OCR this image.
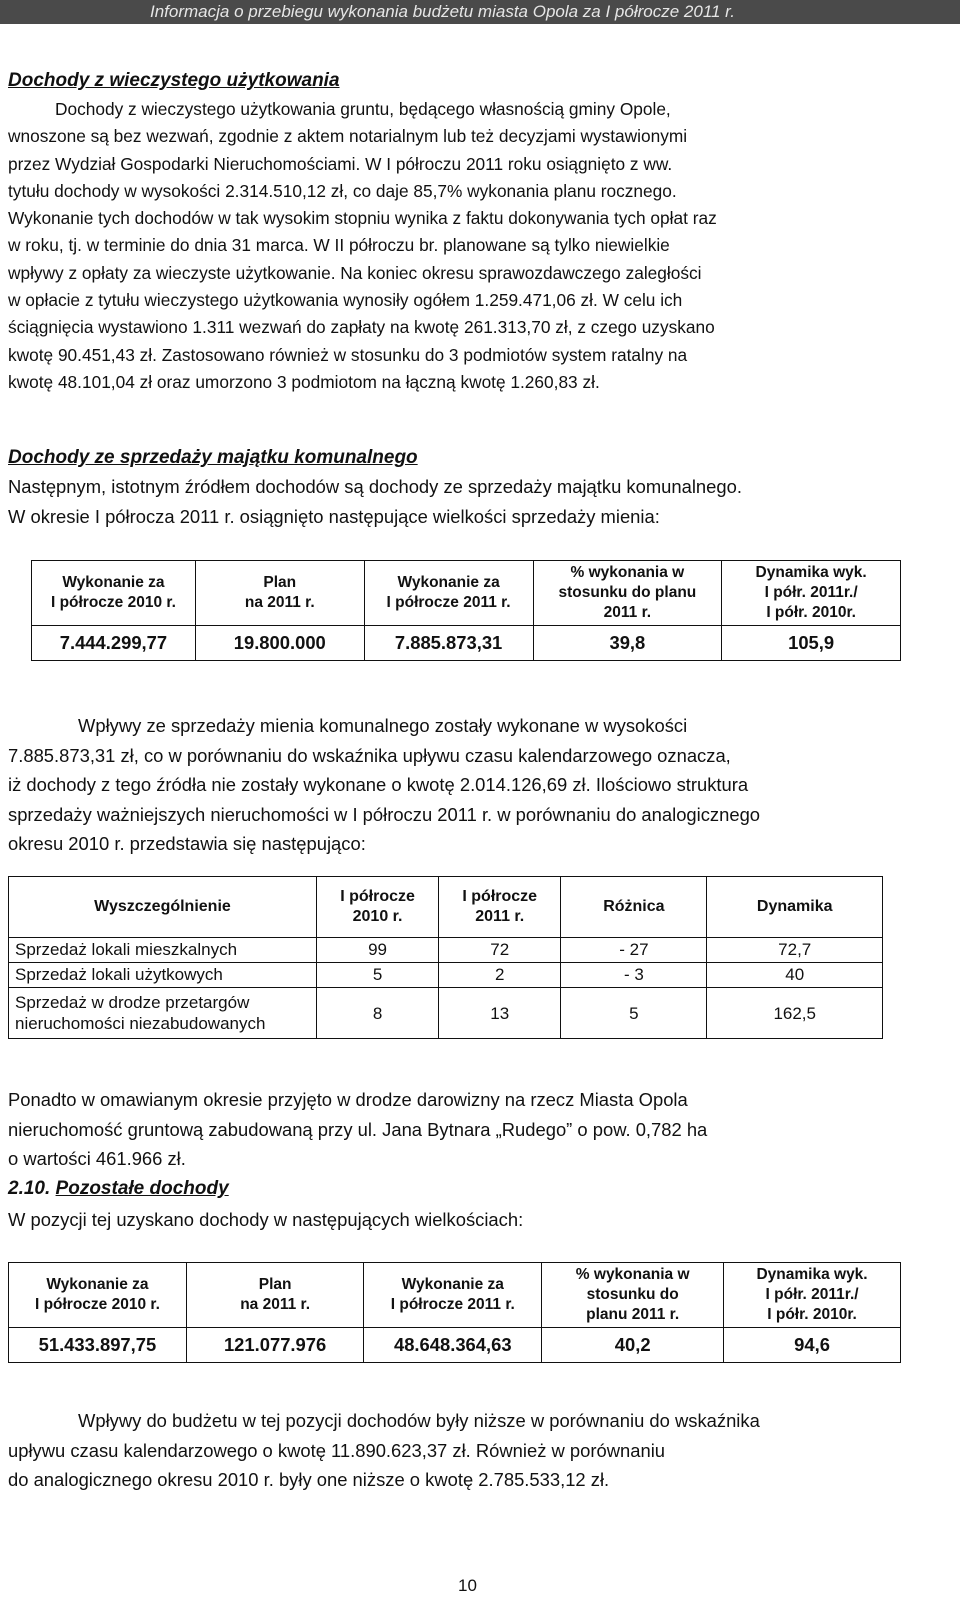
Informacja o przebiegu wykonania budżetu miasta Opola za I półrocze 2011 r.
Dochody z wieczystego użytkowania
Dochody z wieczystego użytkowania gruntu, będącego własnością gminy Opole,
wnoszone są bez wezwań, zgodnie z aktem notarialnym lub też decyzjami wystawionymi
przez Wydział Gospodarki Nieruchomościami. W I półroczu 2011 roku osiągnięto z ww.
tytułu dochody w wysokości 2.314.510,12 zł, co daje 85,7% wykonania planu rocznego.
Wykonanie tych dochodów w tak wysokim stopniu wynika z faktu dokonywania tych opłat raz
w roku, tj. w terminie do dnia 31 marca. W II półroczu br. planowane są tylko niewielkie
wpływy z opłaty za wieczyste użytkowanie. Na koniec okresu sprawozdawczego zaległości
w opłacie z tytułu wieczystego użytkowania wynosiły ogółem 1.259.471,06 zł. W celu ich
ściągnięcia wystawiono 1.311 wezwań do zapłaty na kwotę 261.313,70 zł, z czego uzyskano
kwotę 90.451,43 zł. Zastosowano również w stosunku do 3 podmiotów system ratalny na
kwotę 48.101,04 zł oraz umorzono 3 podmiotom na łączną kwotę 1.260,83 zł.
Dochody ze sprzedaży majątku komunalnego
Następnym, istotnym źródłem dochodów są dochody ze sprzedaży majątku komunalnego.
W okresie I półrocza 2011 r. osiągnięto następujące wielkości sprzedaży mienia:
Wykonanie za
I półrocze 2010 r.	Plan
na 2011 r.	Wykonanie za
I półrocze 2011 r.	% wykonania w
stosunku do planu
2011 r.	Dynamika wyk.
I półr. 2011r./
I półr. 2010r.
7.444.299,77	19.800.000	7.885.873,31	39,8	105,9
Wpływy ze sprzedaży mienia komunalnego zostały wykonane w wysokości
7.885.873,31 zł, co w porównaniu do wskaźnika upływu czasu kalendarzowego oznacza,
iż dochody z tego źródła nie zostały wykonane o kwotę 2.014.126,69 zł. Ilościowo struktura
sprzedaży ważniejszych nieruchomości w I półroczu 2011 r. w porównaniu do analogicznego
okresu 2010 r. przedstawia się następująco:
Wyszczególnienie	I półrocze
2010 r.	I półrocze
2011 r.	Różnica	Dynamika
Sprzedaż lokali mieszkalnych	99	72	- 27	72,7
Sprzedaż lokali użytkowych	5	2	- 3	40
Sprzedaż w drodze przetargów
nieruchomości niezabudowanych	8	13	5	162,5
Ponadto w omawianym okresie przyjęto w drodze darowizny na rzecz Miasta Opola
nieruchomość gruntową zabudowaną przy ul. Jana Bytnara „Rudego” o pow. 0,782 ha
o wartości 461.966 zł.
2.10. Pozostałe dochody
W pozycji tej uzyskano dochody w następujących wielkościach:
Wykonanie za
I półrocze 2010 r.	Plan
na 2011 r.	Wykonanie za
I półrocze 2011 r.	% wykonania w
stosunku do
planu 2011 r.	Dynamika wyk.
I półr. 2011r./
I półr. 2010r.
51.433.897,75	121.077.976	48.648.364,63	40,2	94,6
Wpływy do budżetu w tej pozycji dochodów były niższe w porównaniu do wskaźnika
upływu czasu kalendarzowego o kwotę 11.890.623,37 zł. Również w porównaniu
do analogicznego okresu 2010 r. były one niższe o kwotę 2.785.533,12 zł.
10
